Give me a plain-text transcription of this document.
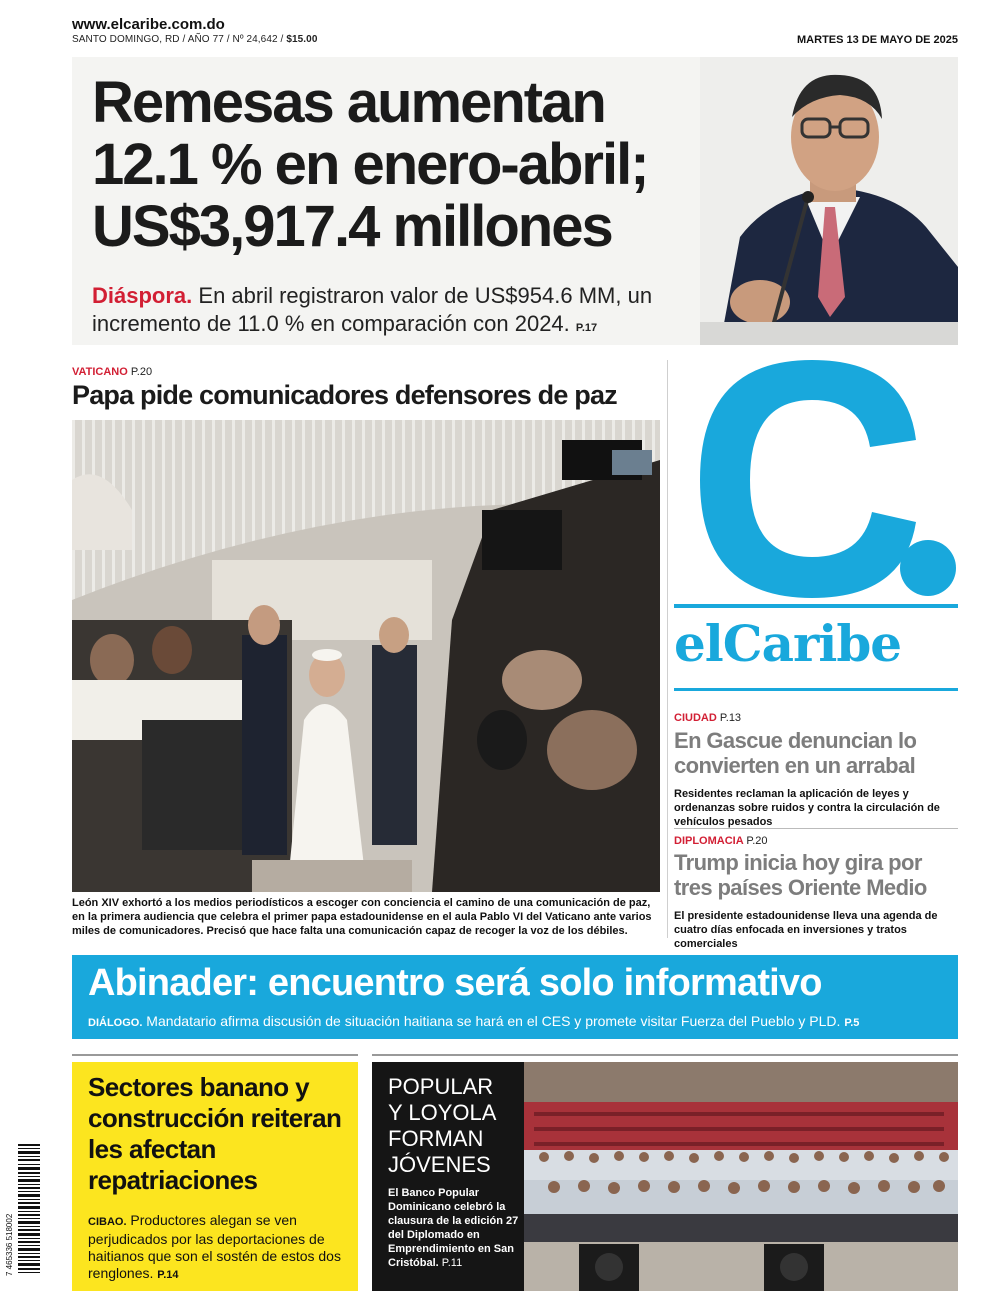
www.elcaribe.com.do
SANTO DOMINGO, RD / AÑO 77 / Nº 24,642 / $15.00	MARTES 13 DE MAYO DE 2025
Remesas aumentan
12.1 % en enero-abril;
US$3,917.4 millones
Diáspora. En abril registraron valor de US$954.6 MM, un incremento de 11.0 % en comparación con 2024. P.17
VATICANO P.20
Papa pide comunicadores defensores de paz
León XIV exhortó a los medios periodísticos a escoger con conciencia el camino de una comunicación de paz, en la primera audiencia que celebra el primer papa estadounidense en el aula Pablo VI del Vaticano ante varios miles de comunicadores. Precisó que hace falta una comunicación capaz de recoger la voz de los débiles.
elCaribe
CIUDAD P.13
En Gascue denuncian lo convierten en un arrabal
Residentes reclaman la aplicación de leyes y ordenanzas sobre ruidos y contra la circulación de vehículos pesados
DIPLOMACIA P.20
Trump inicia hoy gira por tres países Oriente Medio
El presidente estadounidense lleva una agenda de cuatro días enfocada en inversiones y tratos comerciales
Abinader: encuentro será solo informativo
DIÁLOGO. Mandatario afirma discusión de situación haitiana se hará en el CES y promete visitar Fuerza del Pueblo y PLD. P.5
Sectores banano y construcción reiteran les afectan repatriaciones
CIBAO. Productores alegan se ven perjudicados por las deportaciones de haitianos que son el sostén de estos dos renglones. P.14
7 465336 518002
POPULAR
Y LOYOLA
FORMAN
JÓVENES
El Banco Popular Dominicano celebró la clausura de la edición 27 del Diplomado en Emprendimiento en San Cristóbal. P.11
